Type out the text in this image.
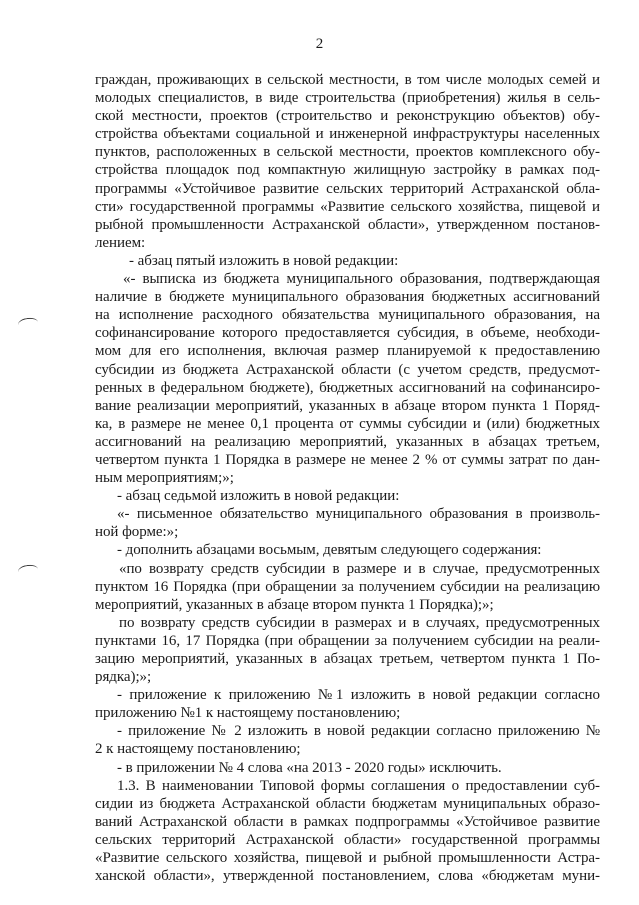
2
граждан, проживающих в сельской местности, в том числе молодых семей и
молодых специалистов, в виде строительства (приобретения) жилья в сель-
ской местности, проектов (строительство и реконструкцию объектов) обу-
стройства объектами социальной и инженерной инфраструктуры населенных
пунктов, расположенных в сельской местности, проектов комплексного обу-
стройства площадок под компактную жилищную застройку в рамках под-
программы «Устойчивое развитие сельских территорий Астраханской обла-
сти» государственной программы «Развитие сельского хозяйства, пищевой и
рыбной промышленности Астраханской области», утвержденном постанов-
лением:
- абзац пятый изложить в новой редакции:
«- выписка из бюджета муниципального образования, подтверждающая
наличие в бюджете муниципального образования бюджетных ассигнований
на исполнение расходного обязательства муниципального образования, на
софинансирование которого предоставляется субсидия, в объеме, необходи-
мом для его исполнения, включая размер планируемой к предоставлению
субсидии из бюджета Астраханской области (с учетом средств, предусмот-
ренных в федеральном бюджете), бюджетных ассигнований на софинансиро-
вание реализации мероприятий, указанных в абзаце втором пункта 1 Поряд-
ка, в размере не менее 0,1 процента от суммы субсидии и (или) бюджетных
ассигнований на реализацию мероприятий, указанных в абзацах третьем,
четвертом пункта 1 Порядка в размере не менее 2 % от суммы затрат по дан-
ным мероприятиям;»;
- абзац седьмой изложить в новой редакции:
«- письменное обязательство муниципального образования в произволь-
ной форме:»;
- дополнить абзацами восьмым, девятым следующего содержания:
«по возврату средств субсидии в размере и в случае, предусмотренных
пунктом 16 Порядка (при обращении за получением субсидии на реализацию
мероприятий, указанных в абзаце втором пункта 1 Порядка);»;
по возврату средств субсидии в размерах и в случаях, предусмотренных
пунктами 16, 17 Порядка (при обращении за получением субсидии на реали-
зацию мероприятий, указанных в абзацах третьем, четвертом пункта 1 По-
рядка);»;
- приложение к приложению №1 изложить в новой редакции согласно
приложению №1 к настоящему постановлению;
- приложение № 2 изложить в новой редакции согласно приложению №
2 к настоящему постановлению;
- в приложении № 4 слова «на 2013 - 2020 годы» исключить.
1.3. В наименовании Типовой формы соглашения о предоставлении суб-
сидии из бюджета Астраханской области бюджетам муниципальных образо-
ваний Астраханской области в рамках подпрограммы «Устойчивое развитие
сельских территорий Астраханской области» государственной программы
«Развитие сельского хозяйства, пищевой и рыбной промышленности Астра-
ханской области», утвержденной постановлением, слова «бюджетам муни-
